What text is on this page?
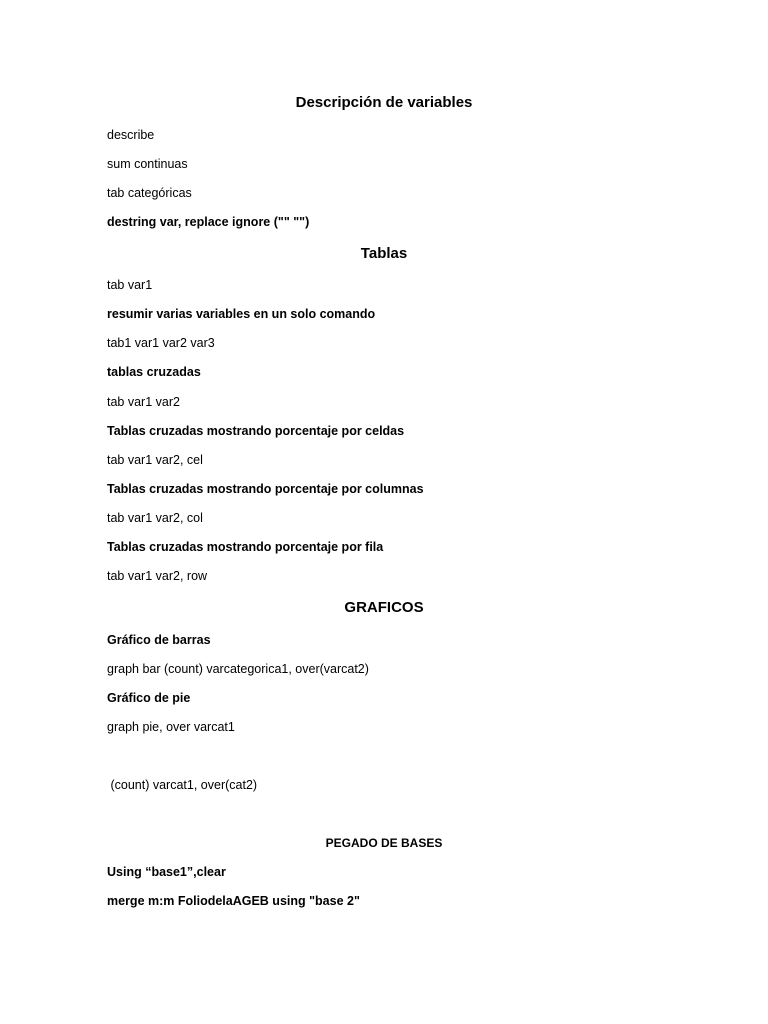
Descripción de variables
describe
sum continuas
tab categóricas
destring var, replace ignore ("" "")
Tablas
tab var1
resumir varias variables en un solo comando
tab1 var1 var2 var3
tablas cruzadas
tab var1 var2
Tablas cruzadas mostrando porcentaje por celdas
tab var1 var2, cel
Tablas cruzadas mostrando porcentaje por columnas
tab var1 var2, col
Tablas cruzadas mostrando porcentaje por fila
tab var1 var2, row
GRAFICOS
Gráfico de barras
graph bar (count) varcategorica1, over(varcat2)
Gráfico de pie
graph pie, over varcat1
(count) varcat1, over(cat2)
PEGADO DE BASES
Using “base1”,clear
merge m:m FoliodelaAGEB using "base 2"
